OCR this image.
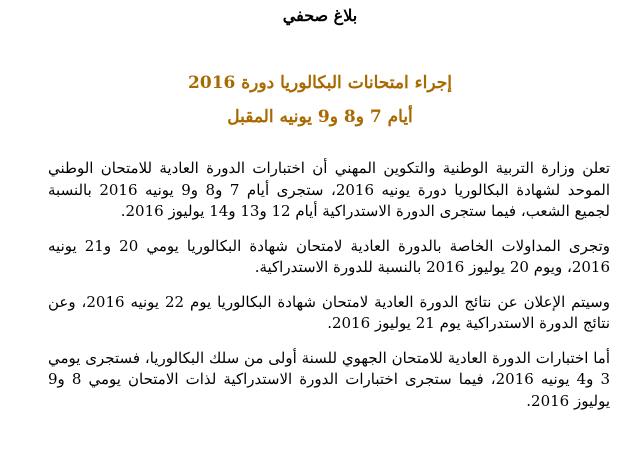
بلاغ صحفي
إجراء امتحانات البكالوريا دورة 2016
أيام 7 و8 و9 يونيه المقبل

تعلن وزارة التربية الوطنية والتكوين المهني أن اختبارات الدورة العادية للامتحان الوطني الموحد لشهادة البكالوريا دورة يونيه 2016، ستجرى أيام 7 و8 و9 يونيه 2016 بالنسبة لجميع الشعب، فيما ستجرى الدورة الاستدراكية أيام 12 و13 و14 يوليوز 2016.

وتجرى المداولات الخاصة بالدورة العادية لامتحان شهادة البكالوريا يومي 20 و21 يونيه 2016، ويوم 20 يوليوز 2016 بالنسبة للدورة الاستدراكية.

وسيتم الإعلان عن نتائج الدورة العادية لامتحان شهادة البكالوريا يوم 22 يونيه 2016، وعن نتائج الدورة الاستدراكية يوم 21 يوليوز 2016.

أما اختبارات الدورة العادية للامتحان الجهوي للسنة أولى من سلك البكالوريا، فستجرى يومي 3 و4 يونيه 2016، فيما ستجرى اختبارات الدورة الاستدراكية لذات الامتحان يومي 8 و9 يوليوز 2016.
